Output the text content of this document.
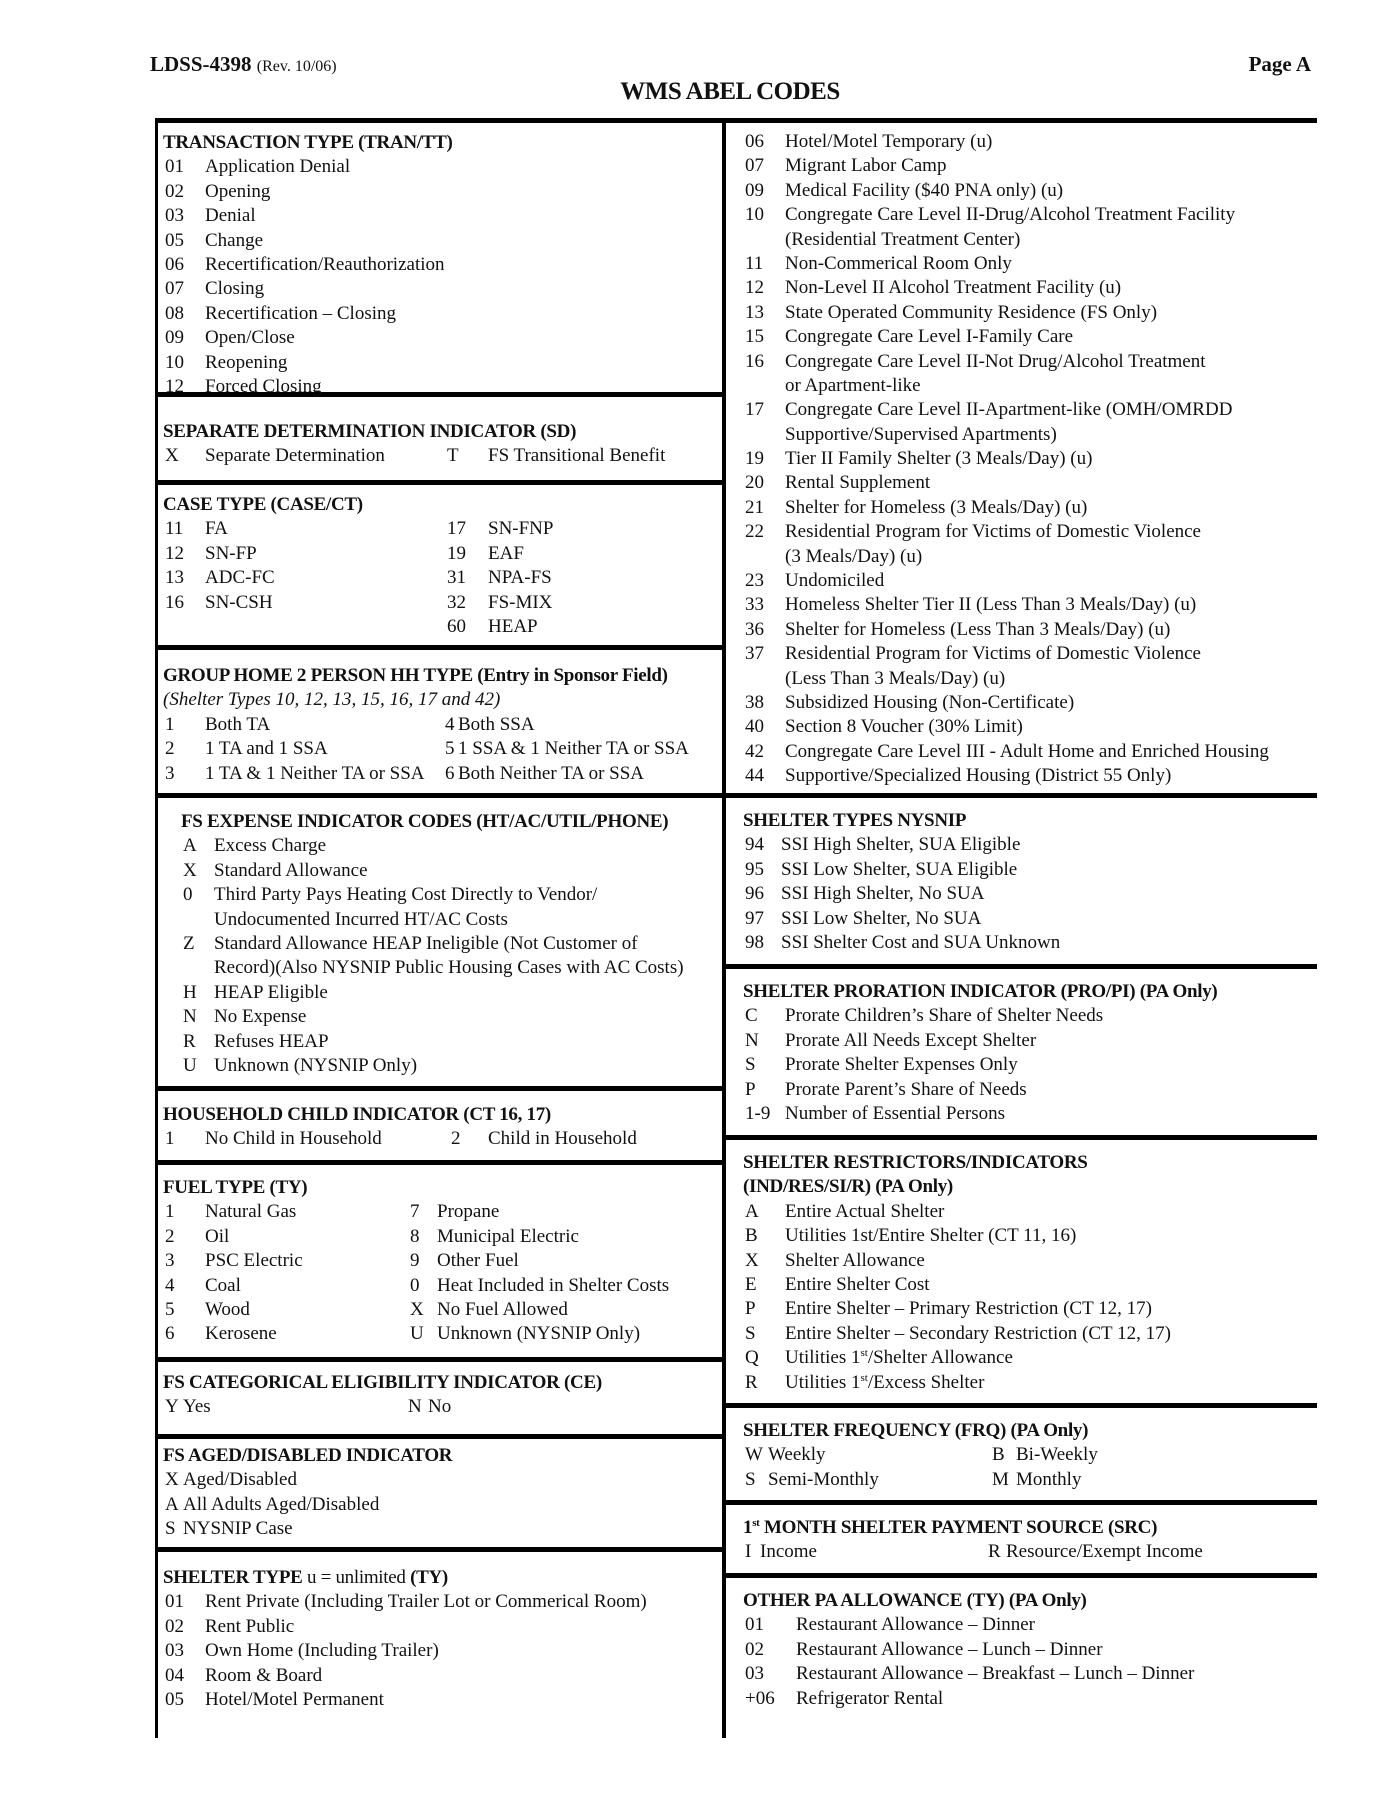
LDSS-4398 (Rev. 10/06)	Page A
WMS ABEL CODES
TRANSACTION TYPE (TRAN/TT)
01 Application Denial
02 Opening
03 Denial
05 Change
06 Recertification/Reauthorization
07 Closing
08 Recertification – Closing
09 Open/Close
10 Reopening
12 Forced Closing
SEPARATE DETERMINATION INDICATOR (SD)
X Separate Determination	T FS Transitional Benefit
CASE TYPE (CASE/CT)
11 FA	17 SN-FNP
12 SN-FP	19 EAF
13 ADC-FC	31 NPA-FS
16 SN-CSH	32 FS-MIX
60 HEAP
GROUP HOME 2 PERSON HH TYPE (Entry in Sponsor Field)
(Shelter Types 10, 12, 13, 15, 16, 17 and 42)
1 Both TA	4 Both SSA
2 1 TA and 1 SSA	5 1 SSA & 1 Neither TA or SSA
3 1 TA & 1 Neither TA or SSA 6 Both Neither TA or SSA
FS EXPENSE INDICATOR CODES (HT/AC/UTIL/PHONE)
A Excess Charge
X Standard Allowance
0 Third Party Pays Heating Cost Directly to Vendor/
Undocumented Incurred HT/AC Costs
Z Standard Allowance HEAP Ineligible (Not Customer of
Record)(Also NYSNIP Public Housing Cases with AC Costs)
H HEAP Eligible
N No Expense
R Refuses HEAP
U Unknown (NYSNIP Only)
HOUSEHOLD CHILD INDICATOR (CT 16, 17)
1 No Child in Household	2 Child in Household
FUEL TYPE (TY)
1 Natural Gas	7 Propane
2 Oil	8 Municipal Electric
3 PSC Electric	9 Other Fuel
4 Coal	0 Heat Included in Shelter Costs
5 Wood	X No Fuel Allowed
6 Kerosene	U Unknown (NYSNIP Only)
FS CATEGORICAL ELIGIBILITY INDICATOR (CE)
Y Yes	N No
FS AGED/DISABLED INDICATOR
X Aged/Disabled
A All Adults Aged/Disabled
S NYSNIP Case
SHELTER TYPE u = unlimited (TY)
01 Rent Private (Including Trailer Lot or Commerical Room)
02 Rent Public
03 Own Home (Including Trailer)
04 Room & Board
05 Hotel/Motel Permanent
06 Hotel/Motel Temporary (u)
07 Migrant Labor Camp
09 Medical Facility ($40 PNA only) (u)
10 Congregate Care Level II-Drug/Alcohol Treatment Facility
(Residential Treatment Center)
11 Non-Commerical Room Only
12 Non-Level II Alcohol Treatment Facility (u)
13 State Operated Community Residence (FS Only)
15 Congregate Care Level I-Family Care
16 Congregate Care Level II-Not Drug/Alcohol Treatment
or Apartment-like
17 Congregate Care Level II-Apartment-like (OMH/OMRDD
Supportive/Supervised Apartments)
19 Tier II Family Shelter (3 Meals/Day) (u)
20 Rental Supplement
21 Shelter for Homeless (3 Meals/Day) (u)
22 Residential Program for Victims of Domestic Violence
(3 Meals/Day) (u)
23 Undomiciled
33 Homeless Shelter Tier II (Less Than 3 Meals/Day) (u)
36 Shelter for Homeless (Less Than 3 Meals/Day) (u)
37 Residential Program for Victims of Domestic Violence
(Less Than 3 Meals/Day) (u)
38 Subsidized Housing (Non-Certificate)
40 Section 8 Voucher (30% Limit)
42 Congregate Care Level III - Adult Home and Enriched Housing
44 Supportive/Specialized Housing (District 55 Only)
SHELTER TYPES NYSNIP
94 SSI High Shelter, SUA Eligible
95 SSI Low Shelter, SUA Eligible
96 SSI High Shelter, No SUA
97 SSI Low Shelter, No SUA
98 SSI Shelter Cost and SUA Unknown
SHELTER PRORATION INDICATOR (PRO/PI) (PA Only)
C Prorate Children’s Share of Shelter Needs
N Prorate All Needs Except Shelter
S Prorate Shelter Expenses Only
P Prorate Parent’s Share of Needs
1-9 Number of Essential Persons
SHELTER RESTRICTORS/INDICATORS
(IND/RES/SI/R) (PA Only)
A Entire Actual Shelter
B Utilities 1st/Entire Shelter (CT 11, 16)
X Shelter Allowance
E Entire Shelter Cost
P Entire Shelter – Primary Restriction (CT 12, 17)
S Entire Shelter – Secondary Restriction (CT 12, 17)
Q Utilities 1st/Shelter Allowance
R Utilities 1st/Excess Shelter
SHELTER FREQUENCY (FRQ) (PA Only)
W Weekly	B Bi-Weekly
S Semi-Monthly	M Monthly
1st MONTH SHELTER PAYMENT SOURCE (SRC)
I Income	R Resource/Exempt Income
OTHER PA ALLOWANCE (TY) (PA Only)
01 Restaurant Allowance – Dinner
02 Restaurant Allowance – Lunch – Dinner
03 Restaurant Allowance – Breakfast – Lunch – Dinner
+06 Refrigerator Rental
